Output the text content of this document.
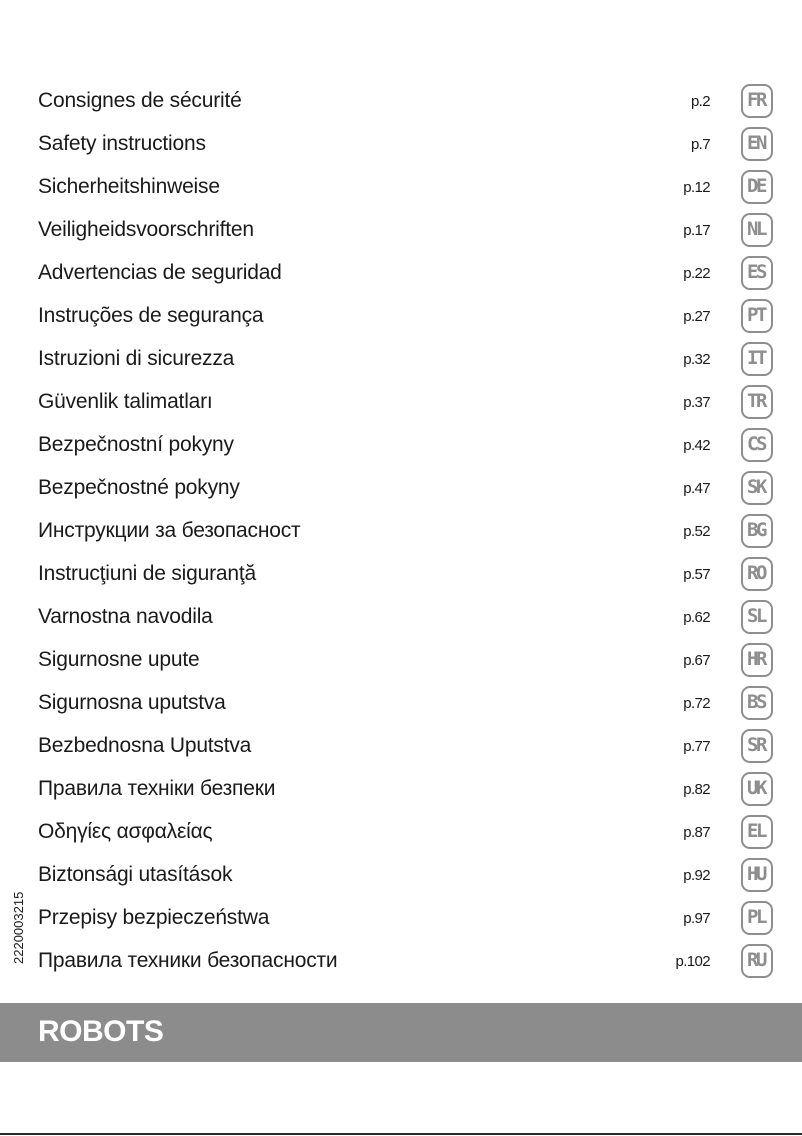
Consignes de sécurité	p.2	FR
Safety instructions	p.7	EN
Sicherheitshinweise	p.12	DE
Veiligheidsvoorschriften	p.17	NL
Advertencias de seguridad	p.22	ES
Instruções de segurança	p.27	PT
Istruzioni di sicurezza	p.32	IT
Güvenlik talimatları	p.37	TR
Bezpečnostní pokyny	p.42	CS
Bezpečnostné pokyny	p.47	SK
Инструкции за безопасност	p.52	BG
Instrucţiuni de siguranţă	p.57	RO
Varnostna navodila	p.62	SL
Sigurnosne upute	p.67	HR
Sigurnosna uputstva	p.72	BS
Bezbednosna Uputstva	p.77	SR
Правила техніки безпеки	p.82	UK
Οδηγίες ασφαλείας	p.87	EL
Biztonsági utasítások	p.92	HU
Przepisy bezpieczeństwa	p.97	PL
Правила техники безопасности	p.102	RU
2220003215
ROBOTS
